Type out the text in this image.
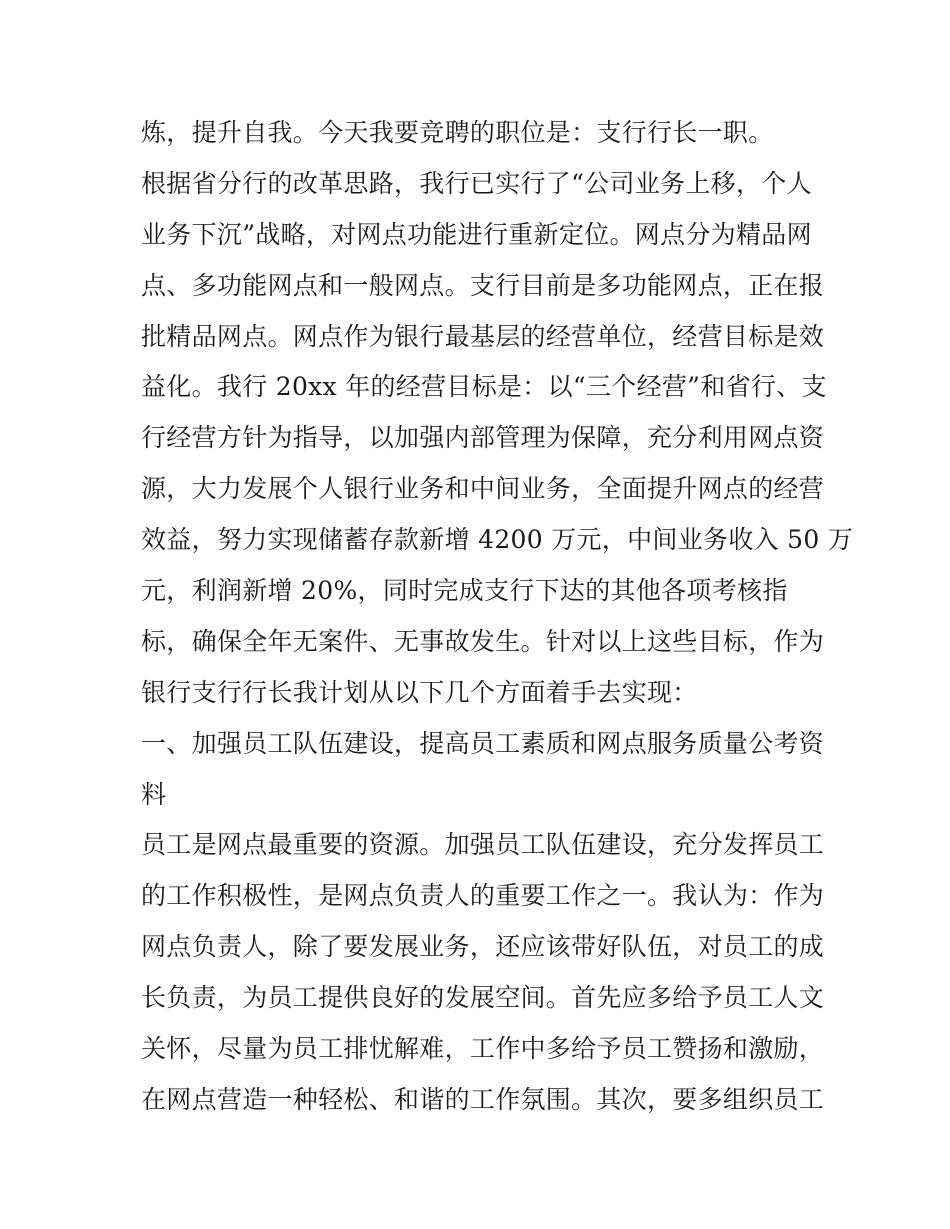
炼，提升自我。今天我要竞聘的职位是：支行行长一职。
根据省分行的改革思路，我行已实行了“公司业务上移，个人
业务下沉”战略，对网点功能进行重新定位。网点分为精品网
点、多功能网点和一般网点。支行目前是多功能网点，正在报
批精品网点。网点作为银行最基层的经营单位，经营目标是效
益化。我行 20xx 年的经营目标是：以“三个经营”和省行、支
行经营方针为指导，以加强内部管理为保障，充分利用网点资
源，大力发展个人银行业务和中间业务，全面提升网点的经营
效益，努力实现储蓄存款新增 4200 万元，中间业务收入 50 万
元，利润新增 20%，同时完成支行下达的其他各项考核指
标，确保全年无案件、无事故发生。针对以上这些目标，作为
银行支行行长我计划从以下几个方面着手去实现：
一、加强员工队伍建设，提高员工素质和网点服务质量公考资
料
员工是网点最重要的资源。加强员工队伍建设，充分发挥员工
的工作积极性，是网点负责人的重要工作之一。我认为：作为
网点负责人，除了要发展业务，还应该带好队伍，对员工的成
长负责，为员工提供良好的发展空间。首先应多给予员工人文
关怀，尽量为员工排忧解难，工作中多给予员工赞扬和激励，
在网点营造一种轻松、和谐的工作氛围。其次，要多组织员工
